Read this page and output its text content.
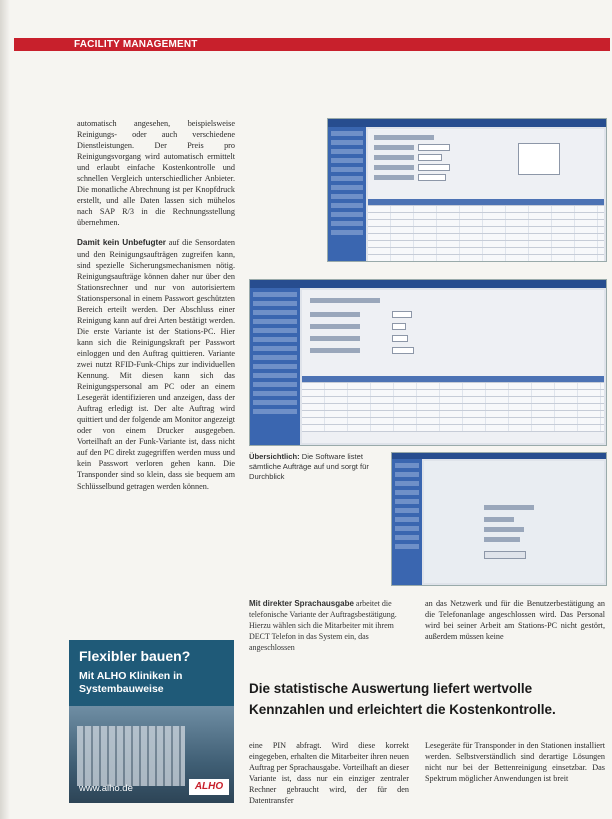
FACILITY MANAGEMENT

automatisch angesehen, beispielsweise Reinigungs- oder auch verschiedene Dienstleistungen. Der Preis pro Reinigungsvorgang wird automatisch ermittelt und erlaubt einfache Kostenkontrolle und schnellen Vergleich unterschiedlicher Anbieter. Die monatliche Abrechnung ist per Knopfdruck erstellt, und alle Daten lassen sich mühelos nach SAP R/3 in die Rechnungsstellung übernehmen.

Damit kein Unbefugter auf die Sensordaten und den Reinigungsaufträgen zugreifen kann, sind spezielle Sicherungsmechanismen nötig. Reinigungsaufträge können daher nur über den Stationsrechner und nur von autorisiertem Stationspersonal in einem Passwort geschützten Bereich erteilt werden. Der Abschluss einer Reinigung kann auf drei Arten bestätigt werden. Die erste Variante ist der Stations-PC. Hier kann sich die Reinigungskraft per Passwort einloggen und den Auftrag quittieren. Variante zwei nutzt RFID-Funk-Chips zur individuellen Kennung. Mit diesen kann sich das Reinigungspersonal am PC oder an einem Lesegerät identifizieren und anzeigen, dass der Auftrag erledigt ist. Der alte Auftrag wird quittiert und der folgende am Monitor angezeigt oder von einem Drucker ausgegeben. Vorteilhaft an der Funk-Variante ist, dass nicht auf den PC direkt zugegriffen werden muss und kein Passwort verloren gehen kann. Die Transponder sind so klein, dass sie bequem am Schlüsselbund getragen werden können.

Übersichtlich: Die Software listet sämtliche Aufträge auf und sorgt für Durchblick
Mit direkter Sprachausgabe arbeitet die telefonische Variante der Auftragsbestätigung. Hierzu wählen sich die Mitarbeiter mit ihrem DECT Telefon in das System ein, das angeschlossen

an das Netzwerk und für die Benutzerbestätigung an die Telefonanlage angeschlossen wird. Das Personal wird bei seiner Arbeit am Stations-PC nicht gestört, außerdem müssen keine

Die statistische Auswertung liefert wertvolle Kennzahlen und erleichtert die Kostenkontrolle.

eine PIN abfragt. Wird diese korrekt eingegeben, erhalten die Mitarbeiter ihren neuen Auftrag per Sprachausgabe. Vorteilhaft an dieser Variante ist, dass nur ein einziger zentraler Rechner gebraucht wird, der für den Datentransfer

Lesegeräte für Transponder in den Stationen installiert werden. Selbstverständlich sind derartige Lösungen nicht nur bei der Bettenreinigung einsetzbar. Das Spektrum möglicher Anwendungen ist breit

Flexibler bauen?
Mit ALHO Kliniken in Systembauweise
www.alho.de	ALHO
